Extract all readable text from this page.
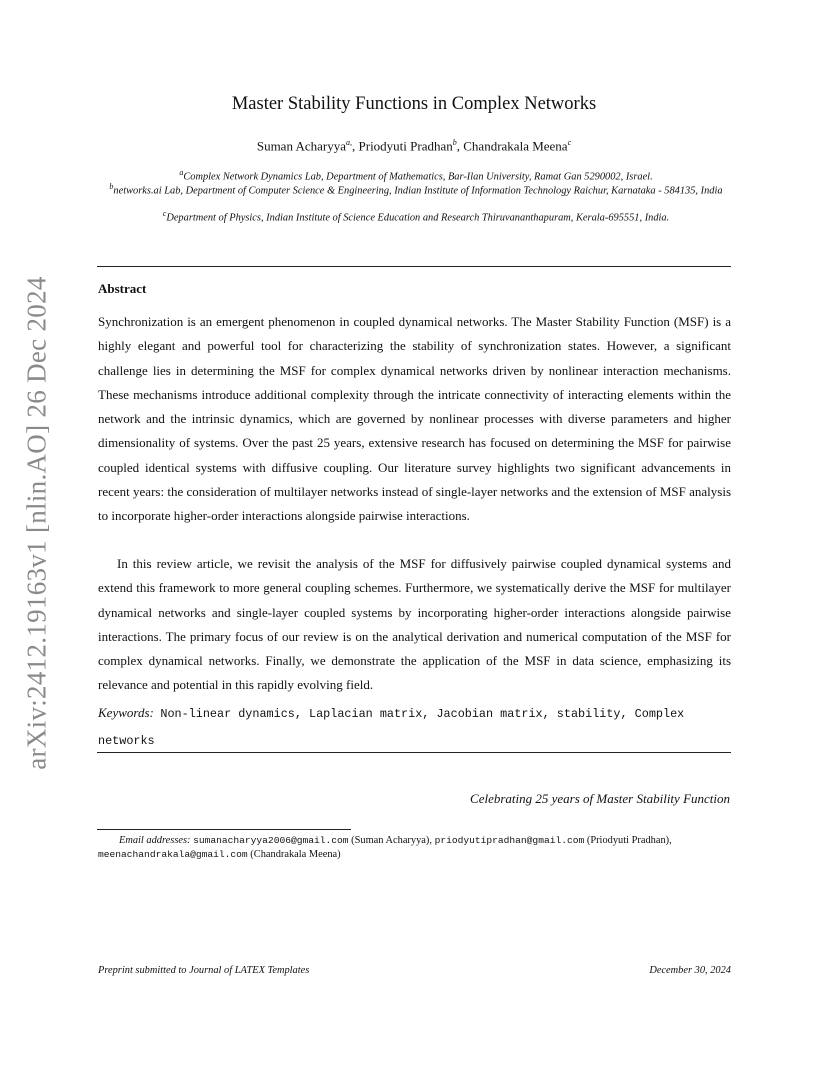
arXiv:2412.19163v1 [nlin.AO] 26 Dec 2024
Master Stability Functions in Complex Networks
Suman Acharyya$^{a,}$, Priodyuti Pradhan$^b$, Chandrakala Meena$^c$
$^a$Complex Network Dynamics Lab, Department of Mathematics, Bar-Ilan University, Ramat Gan 5290002, Israel.
$^b$networks.ai Lab, Department of Computer Science & Engineering, Indian Institute of Information Technology Raichur, Karnataka - 584135, India
$^c$Department of Physics, Indian Institute of Science Education and Research Thiruvananthapuram, Kerala-695551, India.
Abstract

Synchronization is an emergent phenomenon in coupled dynamical networks. The Master Stability Function (MSF) is a highly elegant and powerful tool for characterizing the stability of synchronization states. However, a significant challenge lies in determining the MSF for complex dynamical networks driven by nonlinear interaction mechanisms. These mechanisms introduce additional complexity through the intricate connectivity of interacting elements within the network and the intrinsic dynamics, which are governed by nonlinear processes with diverse parameters and higher dimensionality of systems. Over the past 25 years, extensive research has focused on determining the MSF for pairwise coupled identical systems with diffusive coupling. Our literature survey highlights two significant advancements in recent years: the consideration of multilayer networks instead of single-layer networks and the extension of MSF analysis to incorporate higher-order interactions alongside pairwise interactions.

In this review article, we revisit the analysis of the MSF for diffusively pairwise coupled dynamical systems and extend this framework to more general coupling schemes. Furthermore, we systematically derive the MSF for multilayer dynamical networks and single-layer coupled systems by incorporating higher-order interactions alongside pairwise interactions. The primary focus of our review is on the analytical derivation and numerical computation of the MSF for complex dynamical networks. Finally, we demonstrate the application of the MSF in data science, emphasizing its relevance and potential in this rapidly evolving field.

Keywords: Non-linear dynamics, Laplacian matrix, Jacobian matrix, stability, Complex networks
Celebrating 25 years of Master Stability Function
Email addresses: sumanacharyya2006@gmail.com (Suman Acharyya), priodyutipradhan@gmail.com (Priodyuti Pradhan), meenachandrakala@gmail.com (Chandrakala Meena)
Preprint submitted to Journal of LATEX Templates	December 30, 2024
